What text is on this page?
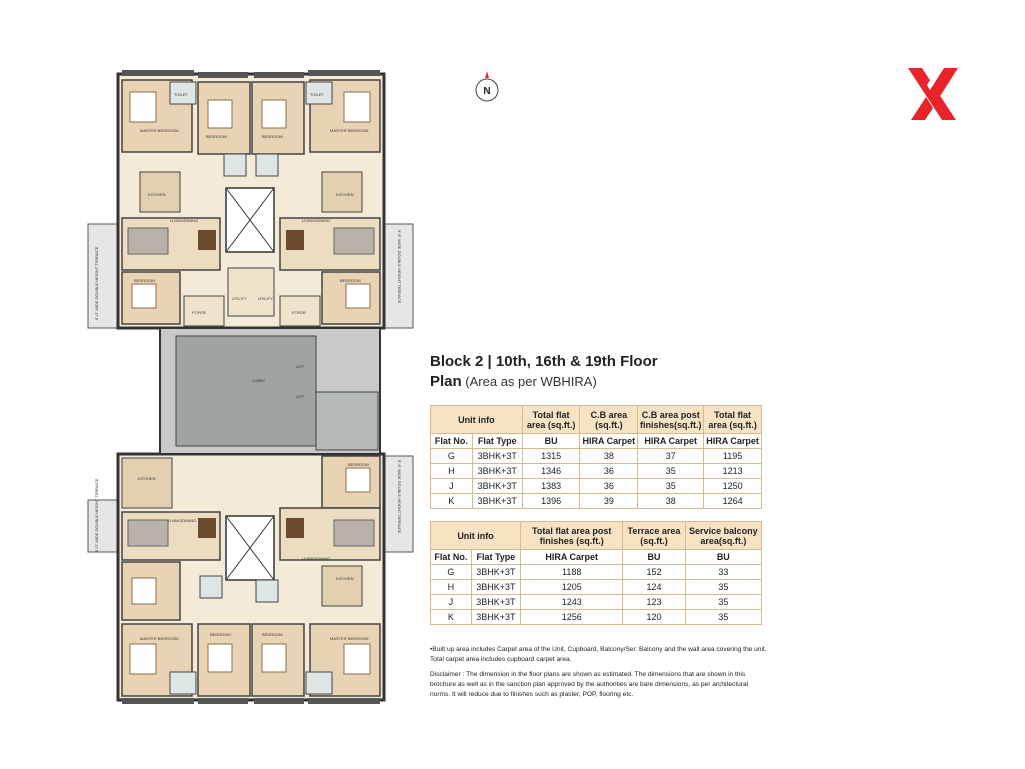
MASTER BEDROOM
BEDROOM	BEDROOM
MASTER BEDROOM
TOILET	TOILET
KITCHEN	KITCHEN
LIVING/DINING	LIVING/DINING
BEDROOM	BEDROOM
FOYER	FOYER
UTILITY	UTILITY
LOBBY
LIFT
LIFT
LIVING/DINING
LIVING/DINING
BEDROOM
KITCHEN
KITCHEN
MASTER BEDROOM
BEDROOM	BEDROOM
MASTER BEDROOM
6'-0" WIDE DOUBLE HEIGHT TERRACE	5'-6" WIDE DOUBLE HEIGHT TERRACE
6'-0" WIDE DOUBLE HEIGHT TERRACE	5'-6" WIDE DOUBLE HEIGHT TERRACE
N
Block 2 | 10th, 16th & 19th Floor
Plan (Area as per WBHIRA)
Unit info		Total flat area (sq.ft.)	C.B area (sq.ft.)	C.B area post finishes(sq.ft.)	Total flat area (sq.ft.)
Flat No.	Flat Type	BU	HIRA Carpet	HIRA Carpet	HIRA Carpet
G	3BHK+3T	1315	38	37	1195
H	3BHK+3T	1346	36	35	1213
J	3BHK+3T	1383	36	35	1250
K	3BHK+3T	1396	39	38	1264
Unit info		Total flat area post finishes (sq.ft.)	Terrace area (sq.ft.)	Service balcony area(sq.ft.)
Flat No.	Flat Type	HIRA Carpet	BU	BU
G	3BHK+3T	1188	152	33
H	3BHK+3T	1205	124	35
J	3BHK+3T	1243	123	35
K	3BHK+3T	1256	120	35
•Built up area includes Carpet area of the Unit, Cupboard, Balcony/Ser. Balcony and the wall area covering the unit. Total carpet area includes cupboard carpet area.
Disclaimer : The dimension in the floor plans are shown as estimated. The dimensions that are shown in this brochure as well as in the sanction plan approved by the authorities are bare dimensions, as per architectural norms. It will reduce due to finishes such as plaster, POP, flooring etc.
